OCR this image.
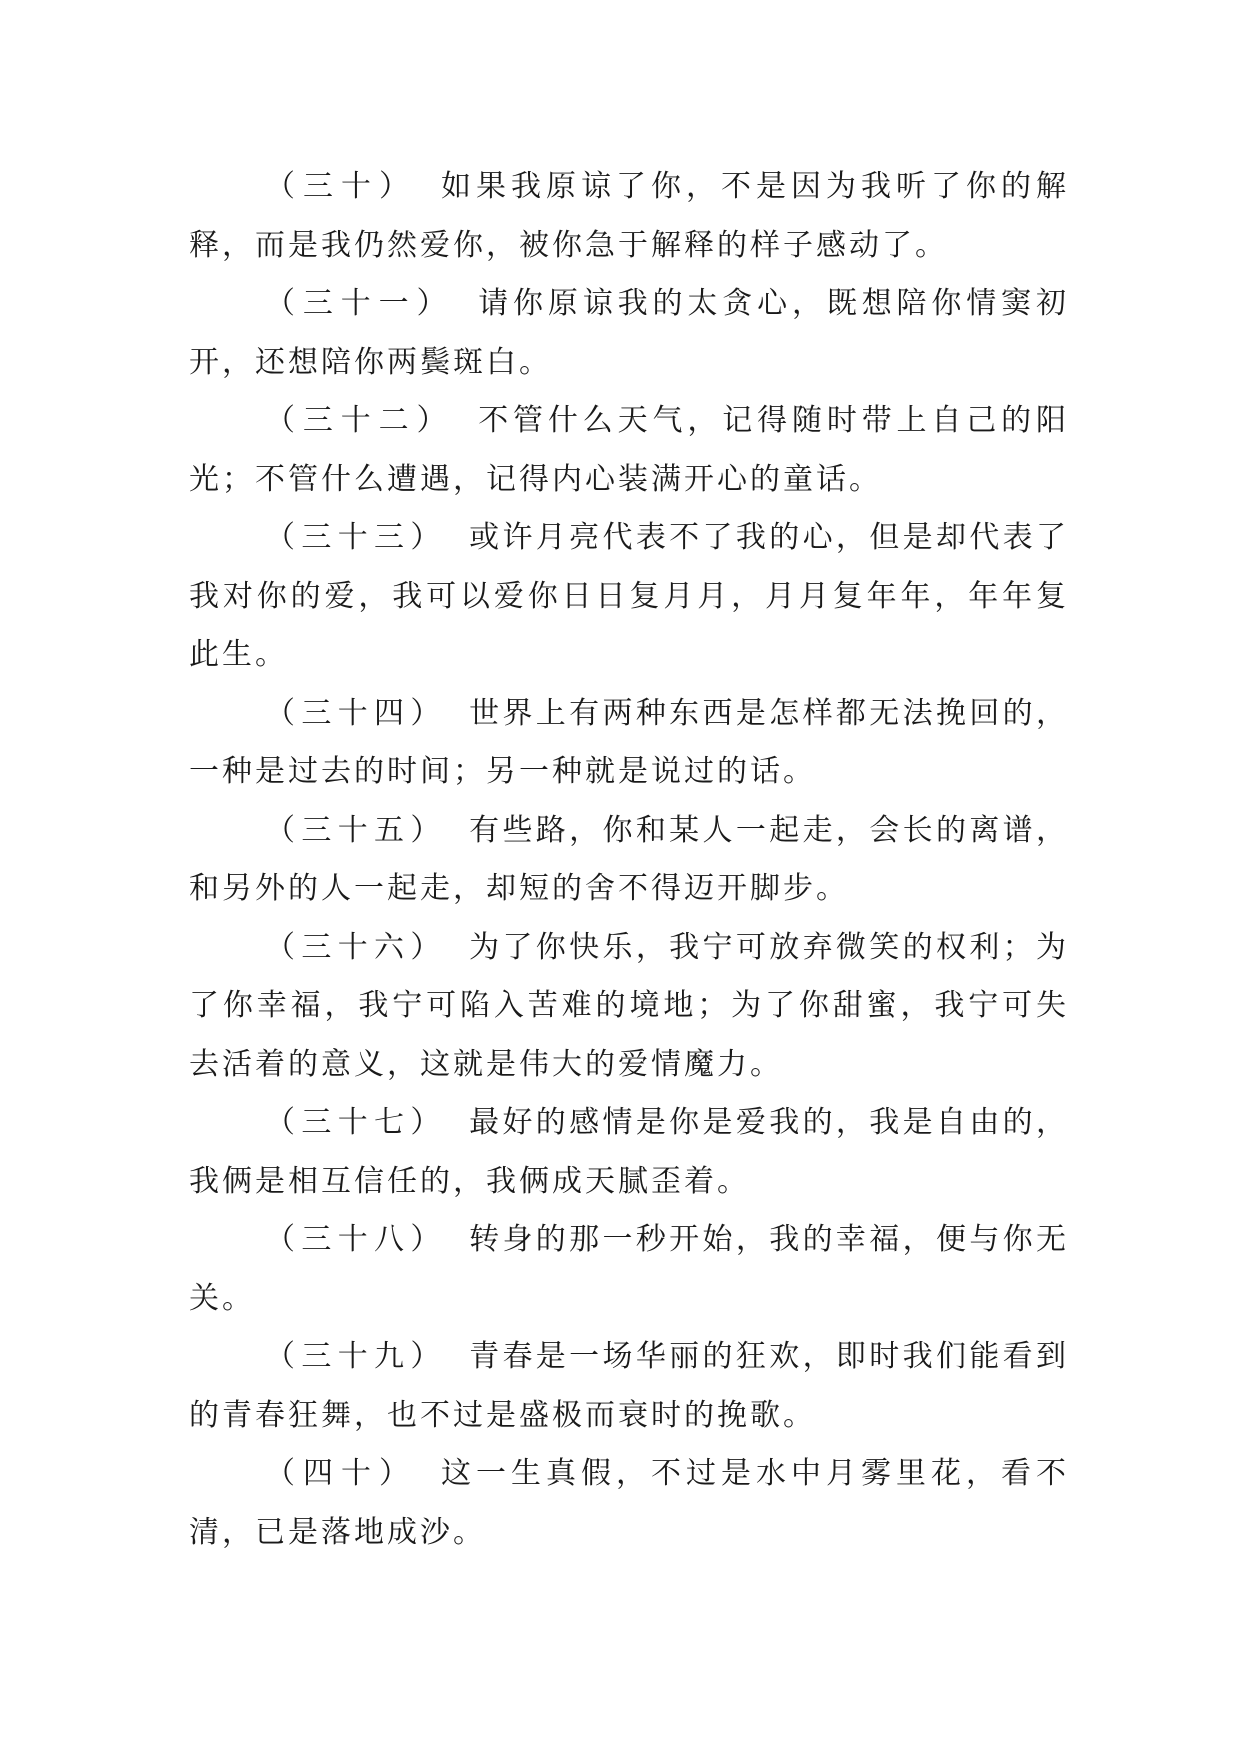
（三十） 如果我原谅了你，不是因为我听了你的解释，而是我仍然爱你，被你急于解释的样子感动了。

（三十一） 请你原谅我的太贪心，既想陪你情窦初开，还想陪你两鬓斑白。

（三十二） 不管什么天气，记得随时带上自己的阳光；不管什么遭遇，记得内心装满开心的童话。

（三十三） 或许月亮代表不了我的心，但是却代表了我对你的爱，我可以爱你日日复月月，月月复年年，年年复此生。

（三十四） 世界上有两种东西是怎样都无法挽回的，一种是过去的时间；另一种就是说过的话。

（三十五） 有些路，你和某人一起走，会长的离谱，和另外的人一起走，却短的舍不得迈开脚步。

（三十六） 为了你快乐，我宁可放弃微笑的权利；为了你幸福，我宁可陷入苦难的境地；为了你甜蜜，我宁可失去活着的意义，这就是伟大的爱情魔力。

（三十七） 最好的感情是你是爱我的，我是自由的，我俩是相互信任的，我俩成天腻歪着。

（三十八） 转身的那一秒开始，我的幸福，便与你无关。

（三十九） 青春是一场华丽的狂欢，即时我们能看到的青春狂舞，也不过是盛极而衰时的挽歌。

（四十） 这一生真假，不过是水中月雾里花，看不清，已是落地成沙。
